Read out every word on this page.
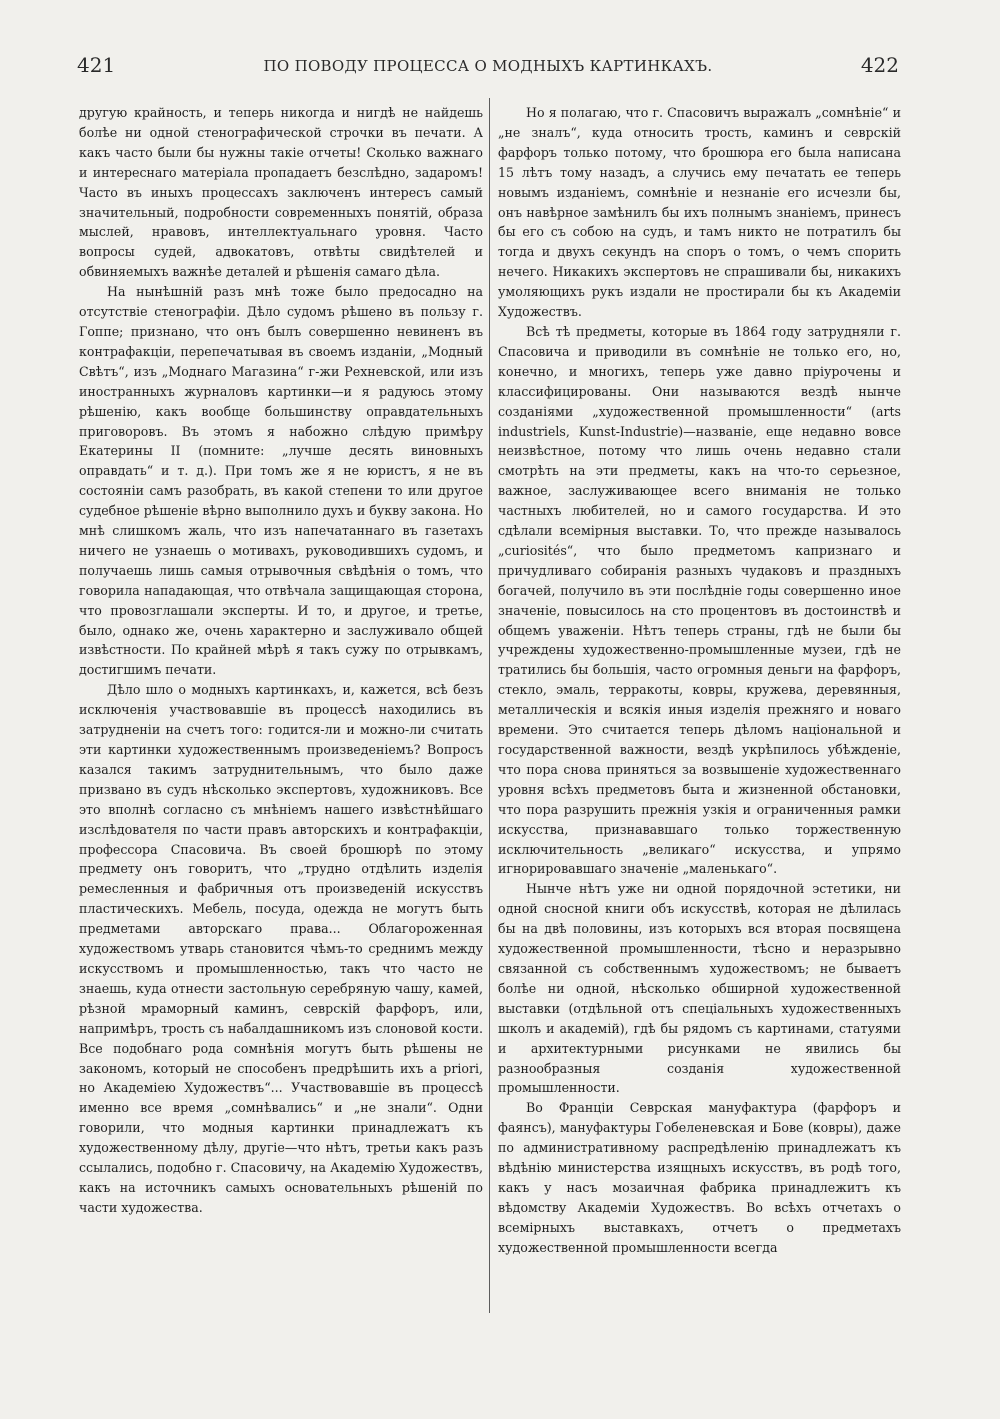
421	ПО ПОВОДУ ПРОЦЕССА О МОДНЫХЪ КАРТИНКАХЪ.	422

другую крайность, и теперь никогда и нигдѣ не найдешь болѣе ни одной стенографической строчки въ печати. А какъ часто были бы нужны такіе отчеты! Сколько важнаго и интереснаго матеріала пропадаетъ безслѣдно, задаромъ! Часто въ иныхъ процессахъ заключенъ интересъ самый значительный, подробности современныхъ понятій, образа мыслей, нравовъ, интеллектуальнаго уровня. Часто вопросы судей, адвокатовъ, отвѣты свидѣтелей и обвиняемыхъ важнѣе деталей и рѣшенія самаго дѣла.

На нынѣшній разъ мнѣ тоже было предосадно на отсутствіе стенографіи. Дѣло судомъ рѣшено въ пользу г. Гоппе; признано, что онъ былъ совершенно невиненъ въ контрафакціи, перепечатывая въ своемъ изданіи, „Модный Свѣтъ“, изъ „Моднаго Магазина“ г-жи Рехневской, или изъ иностранныхъ журналовъ картинки—и я радуюсь этому рѣшенію, какъ вообще большинству оправдательныхъ приговоровъ. Въ этомъ я набожно слѣдую примѣру Екатерины II (помните: „лучше десять виновныхъ оправдать“ и т. д.). При томъ же я не юристъ, я не въ состояніи самъ разобрать, въ какой степени то или другое судебное рѣшеніе вѣрно выполнило духъ и букву закона. Но мнѣ слишкомъ жаль, что изъ напечатаннаго въ газетахъ ничего не узнаешь о мотивахъ, руководившихъ судомъ, и получаешь лишь самыя отрывочныя свѣдѣнія о томъ, что говорила нападающая, что отвѣчала защищающая сторона, что провозглашали эксперты. И то, и другое, и третье, было, однако же, очень характерно и заслуживало общей извѣстности. По крайней мѣрѣ я такъ сужу по отрывкамъ, достигшимъ печати.

Дѣло шло о модныхъ картинкахъ, и, кажется, всѣ безъ исключенія участвовавшіе въ процессѣ находились въ затрудненіи на счетъ того: годится-ли и можно-ли считать эти картинки художественнымъ произведеніемъ? Вопросъ казался такимъ затруднительнымъ, что было даже призвано въ судъ нѣсколько экспертовъ, художниковъ. Все это вполнѣ согласно съ мнѣніемъ нашего извѣстнѣйшаго изслѣдователя по части правъ авторскихъ и контрафакціи, профессора Спасовича. Въ своей брошюрѣ по этому предмету онъ говоритъ, что „трудно отдѣлить изделія ремесленныя и фабричныя отъ произведеній искусствъ пластическихъ. Мебель, посуда, одежда не могутъ быть предметами авторскаго права... Облагороженная художествомъ утварь становится чѣмъ-то среднимъ между искусствомъ и промышленностью, такъ что часто не знаешь, куда отнести застольную серебряную чашу, камей, рѣзной мраморный каминъ, севрскій фарфоръ, или, напримѣръ, трость съ набалдашникомъ изъ слоновой кости. Все подобнаго рода сомнѣнія могутъ быть рѣшены не закономъ, который не способенъ предрѣшить ихъ а priori, но Академіею Художествъ“... Участвовавшіе въ процессѣ именно все время „сомнѣвались“ и „не знали“. Одни говорили, что модныя картинки принадлежатъ къ художественному дѣлу, другіе—что нѣтъ, третьи какъ разъ ссылались, подобно г. Спасовичу, на Академію Художествъ, какъ на источникъ самыхъ основательныхъ рѣшеній по части художества.

Но я полагаю, что г. Спасовичъ выражалъ „сомнѣніе“ и „не зналъ“, куда относить трость, каминъ и севрскій фарфоръ только потому, что брошюра его была написана 15 лѣтъ тому назадъ, а случись ему печатать ее теперь новымъ изданіемъ, сомнѣніе и незнаніе его исчезли бы, онъ навѣрное замѣнилъ бы ихъ полнымъ знаніемъ, принесъ бы его съ собою на судъ, и тамъ никто не потратилъ бы тогда и двухъ секундъ на споръ о томъ, о чемъ спорить нечего. Никакихъ экспертовъ не спрашивали бы, никакихъ умоляющихъ рукъ издали не простирали бы къ Академіи Художествъ.

Всѣ тѣ предметы, которые въ 1864 году затрудняли г. Спасовича и приводили въ сомнѣніе не только его, но, конечно, и многихъ, теперь уже давно пріурочены и классифицированы. Они называются вездѣ нынче созданіями „художественной промышленности“ (arts industriels, Kunst-Industrie)—названіе, еще недавно вовсе неизвѣстное, потому что лишь очень недавно стали смотрѣть на эти предметы, какъ на что-то серьезное, важное, заслуживающее всего вниманія не только частныхъ любителей, но и самого государства. И это сдѣлали всемірныя выставки. То, что прежде называлось „curiosités“, что было предметомъ капризнаго и причудливаго собиранія разныхъ чудаковъ и праздныхъ богачей, получило въ эти послѣдніе годы совершенно иное значеніе, повысилось на сто процентовъ въ достоинствѣ и общемъ уваженіи. Нѣтъ теперь страны, гдѣ не были бы учреждены художественно-промышленные музеи, гдѣ не тратились бы большія, часто огромныя деньги на фарфоръ, стекло, эмаль, терракоты, ковры, кружева, деревянныя, металлическія и всякія иныя изделія прежняго и новаго времени. Это считается теперь дѣломъ національной и государственной важности, вездѣ укрѣпилось убѣжденіе, что пора снова приняться за возвышеніе художественнаго уровня всѣхъ предметовъ быта и жизненной обстановки, что пора разрушить прежнія узкія и ограниченныя рамки искусства, признававшаго только торжественную исключительность „великаго“ искусства, и упрямо игнорировавшаго значеніе „маленькаго“.

Нынче нѣтъ уже ни одной порядочной эстетики, ни одной сносной книги объ искусствѣ, которая не дѣлилась бы на двѣ половины, изъ которыхъ вся вторая посвящена художественной промышленности, тѣсно и неразрывно связанной съ собственнымъ художествомъ; не бываетъ болѣе ни одной, нѣсколько обширной художественной выставки (отдѣльной отъ спеціальныхъ художественныхъ школъ и академій), гдѣ бы рядомъ съ картинами, статуями и архитектурными рисунками не явились бы разнообразныя созданія художественной промышленности.

Во Франціи Севрская мануфактура (фарфоръ и фаянсъ), мануфактуры Гобеленевская и Бове (ковры), даже по административному распредѣленію принадлежатъ къ вѣдѣнію министерства изящныхъ искусствъ, въ родѣ того, какъ у насъ мозаичная фабрика принадлежитъ къ вѣдомству Академіи Художествъ. Во всѣхъ отчетахъ о всемірныхъ выставкахъ, отчетъ о предметахъ художественной промышленности всегда
